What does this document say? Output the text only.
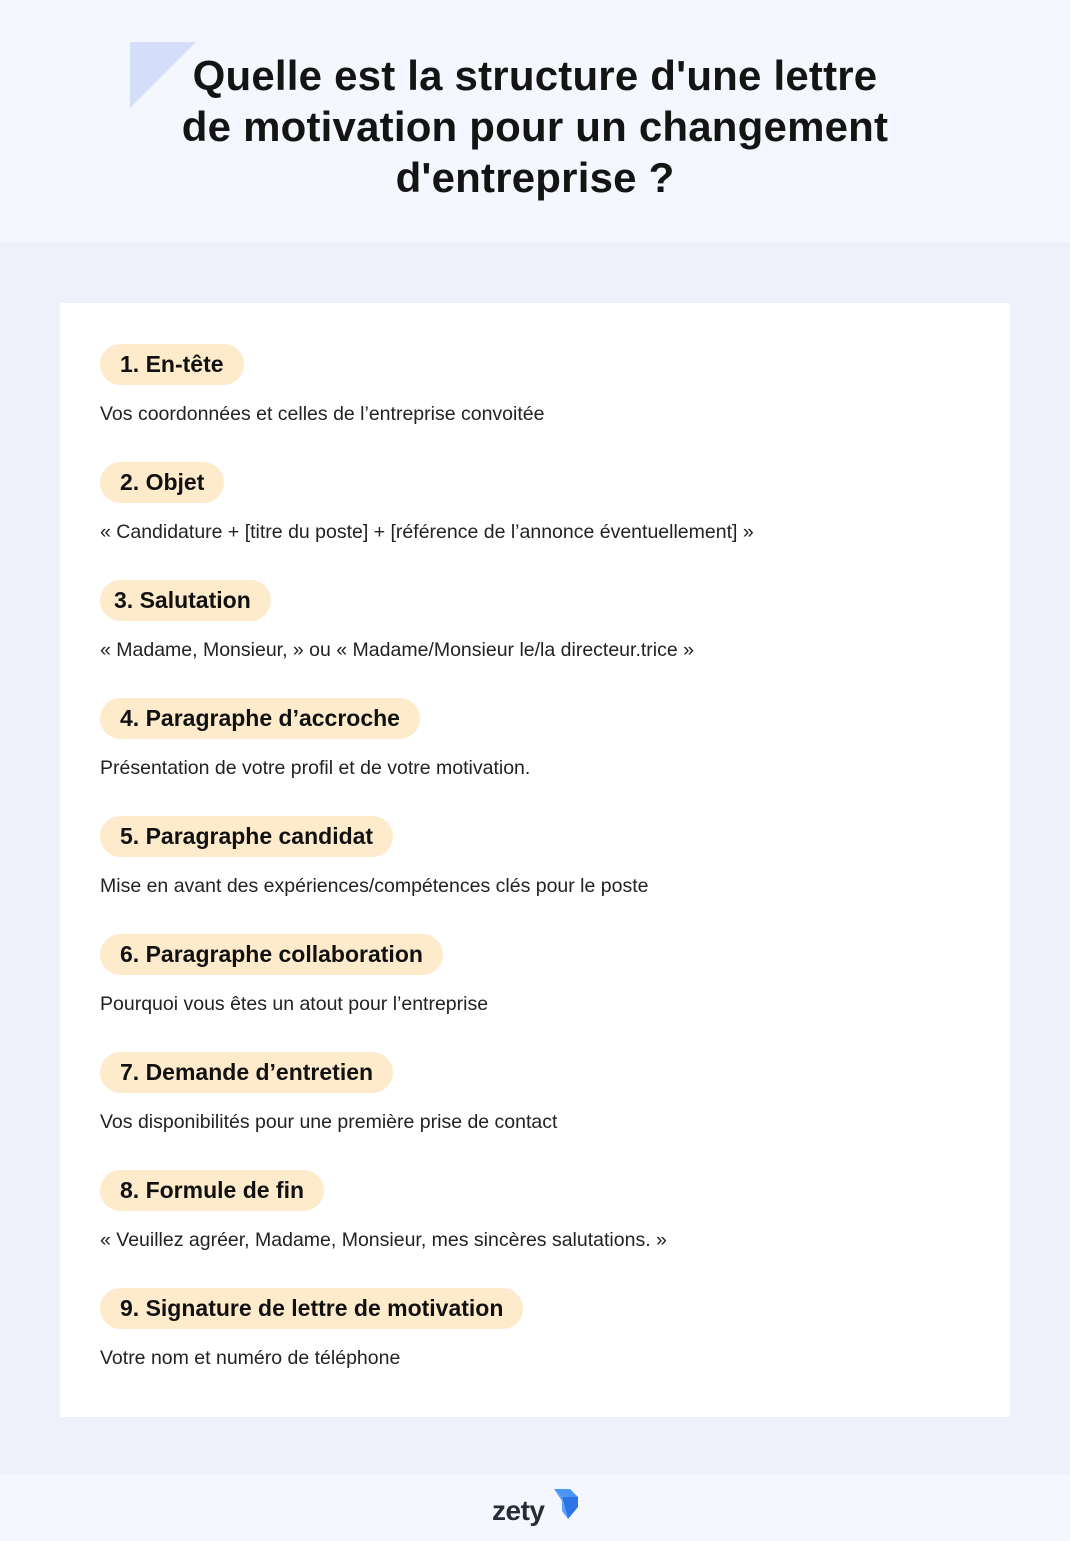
Quelle est la structure d'une lettre
de motivation pour un changement
d'entreprise ?
1. En-tête
Vos coordonnées et celles de l’entreprise convoitée
2. Objet
« Candidature + [titre du poste] + [référence de l’annonce éventuellement] »
3. Salutation
« Madame, Monsieur, » ou « Madame/Monsieur le/la directeur.trice »
4. Paragraphe d’accroche
Présentation de votre profil et de votre motivation.
5. Paragraphe candidat
Mise en avant des expériences/compétences clés pour le poste
6. Paragraphe collaboration
Pourquoi vous êtes un atout pour l’entreprise
7. Demande d’entretien
Vos disponibilités pour une première prise de contact
8. Formule de fin
« Veuillez agréer, Madame, Monsieur, mes sincères salutations. »
9. Signature de lettre de motivation
Votre nom et numéro de téléphone
zety
